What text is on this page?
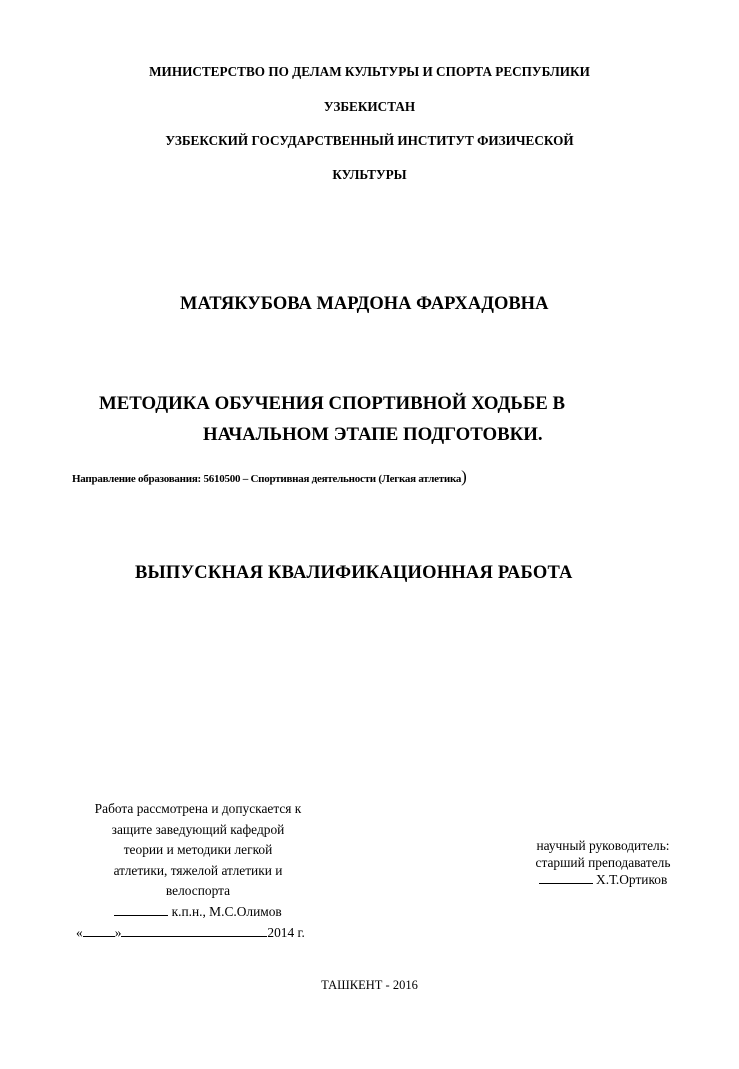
МИНИСТЕРСТВО ПО ДЕЛАМ КУЛЬТУРЫ И СПОРТА РЕСПУБЛИКИ
УЗБЕКИСТАН
УЗБЕКСКИЙ ГОСУДАРСТВЕННЫЙ ИНСТИТУТ ФИЗИЧЕСКОЙ
КУЛЬТУРЫ
МАТЯКУБОВА МАРДОНА ФАРХАДОВНА
МЕТОДИКА ОБУЧЕНИЯ СПОРТИВНОЙ ХОДЬБЕ В
НАЧАЛЬНОМ ЭТАПЕ ПОДГОТОВКИ.
Направление образования: 5610500 – Спортивная деятельности (Легкая атлетика)
ВЫПУСКНАЯ КВАЛИФИКАЦИОННАЯ РАБОТА
Работа рассмотрена и допускается к
защите заведующий кафедрой
теории и методики легкой
атлетики, тяжелой атлетики и
велоспорта
к.п.н., М.С.Олимов
« »	2014 г.
научный руководитель:
старший преподаватель
Х.Т.Ортиков
ТАШКЕНТ - 2016
